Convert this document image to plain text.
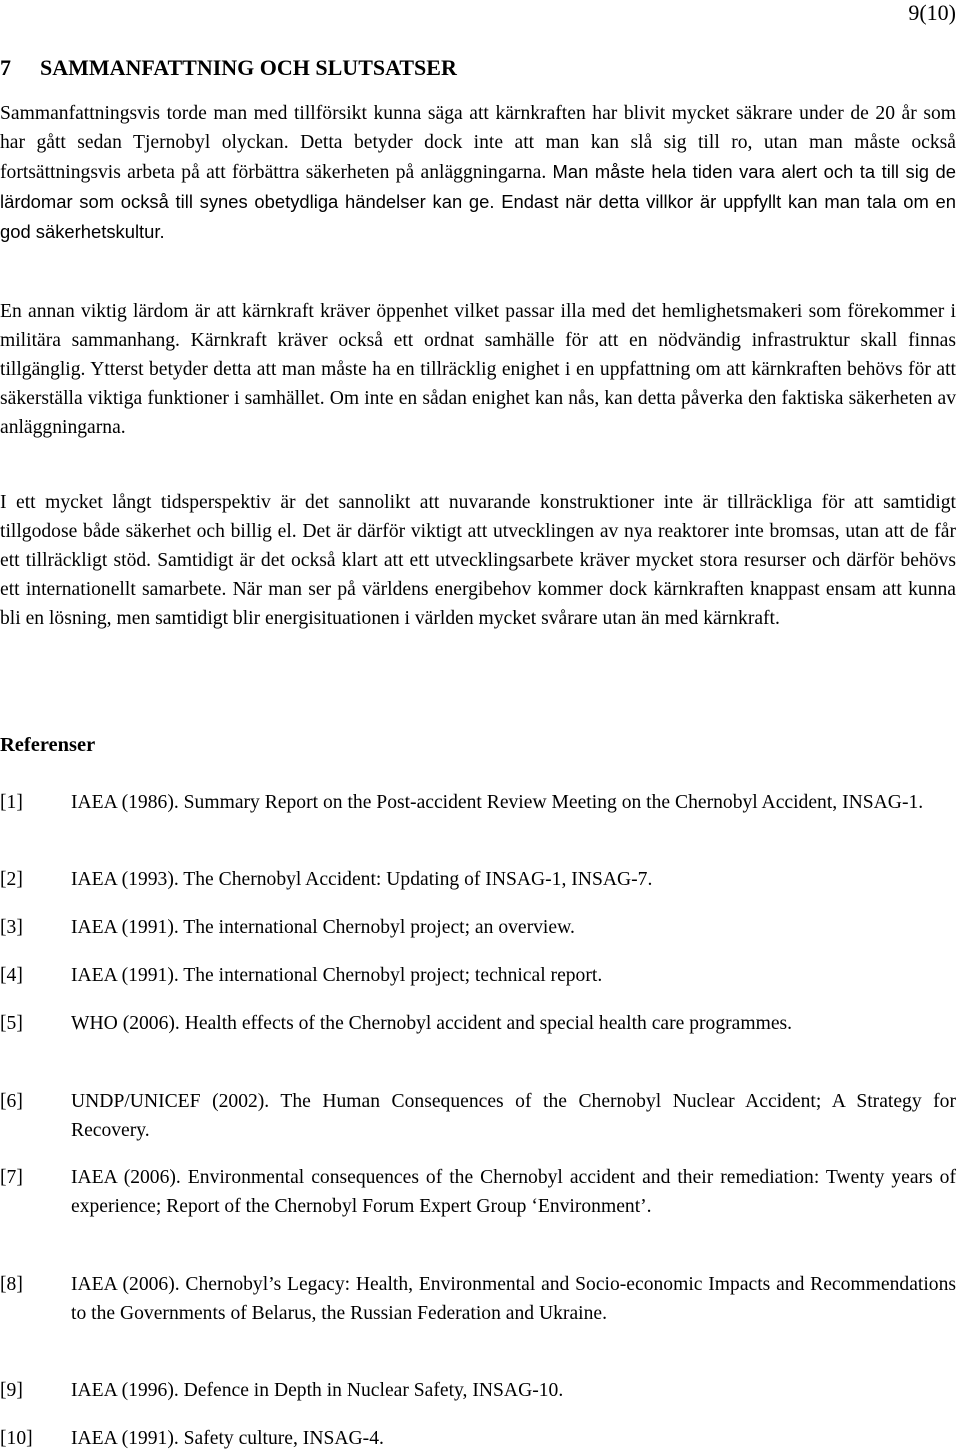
9(10)
7 SAMMANFATTNING OCH SLUTSATSER

Sammanfattningsvis torde man med tillförsikt kunna säga att kärnkraften har blivit mycket säkrare under de 20 år som har gått sedan Tjernobyl olyckan. Detta betyder dock inte att man kan slå sig till ro, utan man måste också fortsättningsvis arbeta på att förbättra säkerheten på anläggningarna. Man måste hela tiden vara alert och ta till sig de lärdomar som också till synes obetydliga händelser kan ge. Endast när detta villkor är uppfyllt kan man tala om en god säkerhetskultur.

En annan viktig lärdom är att kärnkraft kräver öppenhet vilket passar illa med det hemlighetsmakeri som förekommer i militära sammanhang. Kärnkraft kräver också ett ordnat samhälle för att en nödvändig infrastruktur skall finnas tillgänglig. Ytterst betyder detta att man måste ha en tillräcklig enighet i en uppfattning om att kärnkraften behövs för att säkerställa viktiga funktioner i samhället. Om inte en sådan enighet kan nås, kan detta påverka den faktiska säkerheten av anläggningarna.

I ett mycket långt tidsperspektiv är det sannolikt att nuvarande konstruktioner inte är tillräckliga för att samtidigt tillgodose både säkerhet och billig el. Det är därför viktigt att utvecklingen av nya reaktorer inte bromsas, utan att de får ett tillräckligt stöd. Samtidigt är det också klart att ett utvecklingsarbete kräver mycket stora resurser och därför behövs ett internationellt samarbete. När man ser på världens energibehov kommer dock kärnkraften knappast ensam att kunna bli en lösning, men samtidigt blir energisituationen i världen mycket svårare utan än med kärnkraft.

Referenser
[1]	IAEA (1986). Summary Report on the Post-accident Review Meeting on the Chernobyl Accident, INSAG-1.
[2]	IAEA (1993). The Chernobyl Accident: Updating of INSAG-1, INSAG-7.
[3]	IAEA (1991). The international Chernobyl project; an overview.
[4]	IAEA (1991). The international Chernobyl project; technical report.
[5]	WHO (2006). Health effects of the Chernobyl accident and special health care programmes.
[6]	UNDP/UNICEF (2002). The Human Consequences of the Chernobyl Nuclear Accident; A Strategy for Recovery.
[7]	IAEA (2006). Environmental consequences of the Chernobyl accident and their remediation: Twenty years of experience; Report of the Chernobyl Forum Expert Group ‘Environment’.
[8]	IAEA (2006). Chernobyl’s Legacy: Health, Environmental and Socio-economic Impacts and Recommendations to the Governments of Belarus, the Russian Federation and Ukraine.
[9]	IAEA (1996). Defence in Depth in Nuclear Safety, INSAG-10.
[10]	IAEA (1991). Safety culture, INSAG-4.
